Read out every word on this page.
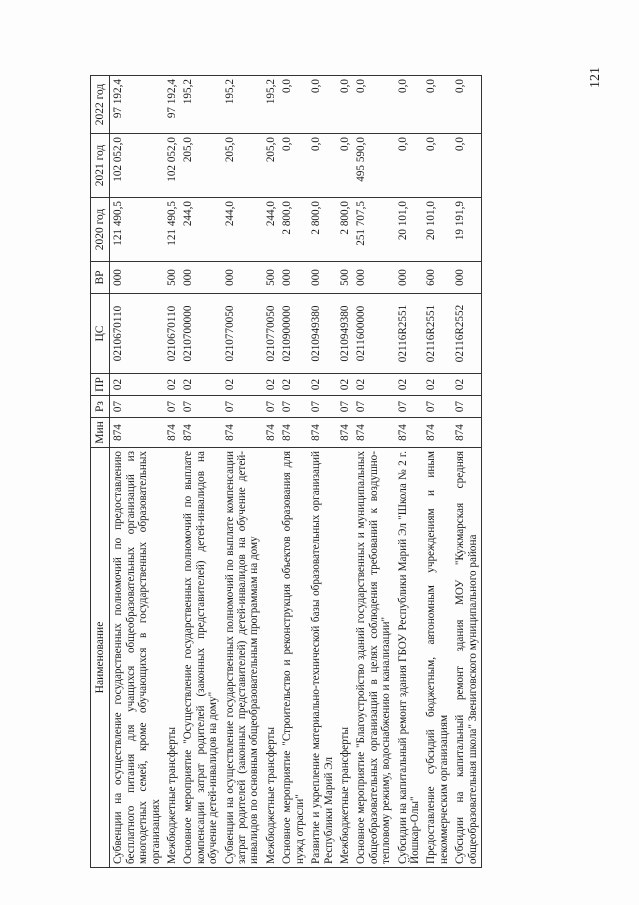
121
Наименование	Мин	Рз	ПР	ЦС	ВР	2020 год	2021 год	2022 год
Субвенции на осуществление государственных полномочий по предоставлению бесплатного питания для учащихся общеобразовательных организаций из многодетных семей, кроме обучающихся в государственных образовательных организациях	874	07	02	0210670110	000	121 490,5	102 052,0	97 192,4

Межбюджетные трансферты	874	07	02	0210670110	500	121 490,5	102 052,0	97 192,4

Основное мероприятие "Осуществление государственных полномочий по выплате компенсации затрат родителей (законных представителей) детей-инвалидов на обучение детей-инвалидов на дому"	874	07	02	0210700000	000	244,0	205,0	195,2

Субвенции на осуществление государственных полномочий по выплате компенсации затрат родителей (законных представителей) детей-инвалидов на обучение детей-инвалидов по основным общеобразовательным программам на дому	874	07	02	0210770050	000	244,0	205,0	195,2

Межбюджетные трансферты	874	07	02	0210770050	500	244,0	205,0	195,2

Основное мероприятие "Строительство и реконструкция объектов образования для нужд отрасли"	874	07	02	0210900000	000	2 800,0	0,0	0,0

Развитие и укрепление материально-технической базы образовательных организаций Республики Марий Эл	874	07	02	0210949380	000	2 800,0	0,0	0,0

Межбюджетные трансферты	874	07	02	0210949380	500	2 800,0	0,0	0,0

Основное мероприятие "Благоустройство зданий государственных и муниципальных общеобразовательных организаций в целях соблюдения требований к воздушно-тепловому режиму, водоснабжению и канализации"	874	07	02	0211600000	000	251 707,5	495 590,0	0,0

Субсидии на капитальный ремонт здания ГБОУ Республики Марий Эл "Школа № 2 г. Йошкар-Олы"	874	07	02	02116R2551	000	20 101,0	0,0	0,0

Предоставление субсидий бюджетным, автономным учреждениям и иным некоммерческим организациям	874	07	02	02116R2551	600	20 101,0	0,0	0,0

Субсидии на капитальный ремонт здания МОУ "Кужмарская средняя общеобразовательная школа" Звениговского муниципального района	874	07	02	02116R2552	000	19 191,9	0,0	0,0
